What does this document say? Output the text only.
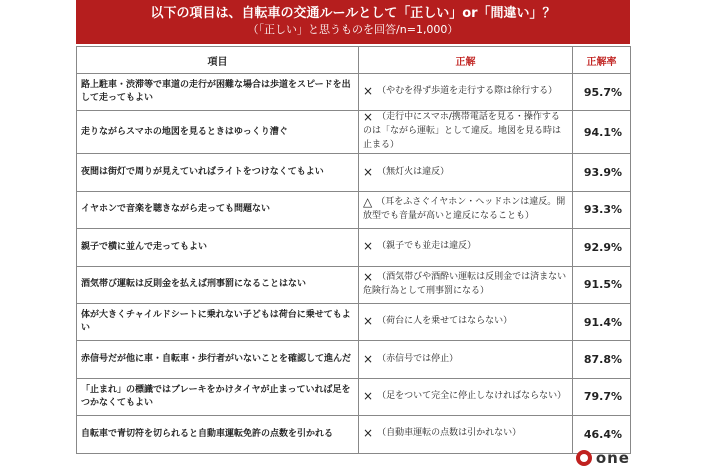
以下の項目は、自転車の交通ルールとして「正しい」or「間違い」？
（「正しい」と思うものを回答/n=1,000）
項目	正解	正解率
路上駐車・渋滞等で車道の走行が困難な場合は歩道をスピードを出して走ってもよい	× （やむを得ず歩道を走行する際は徐行する）	95.7%
走りながらスマホの地図を見るときはゆっくり漕ぐ	× （走行中にスマホ/携帯電話を見る・操作するのは「ながら運転」として違反。地図を見る時は止まる）	94.1%
夜間は街灯で周りが見えていればライトをつけなくてもよい	× （無灯火は違反）	93.9%
イヤホンで音楽を聴きながら走っても問題ない	△ （耳をふさぐイヤホン・ヘッドホンは違反。開放型でも音量が高いと違反になることも）	93.3%
親子で横に並んで走ってもよい	× （親子でも並走は違反）	92.9%
酒気帯び運転は反則金を払えば刑事罰になることはない	× （酒気帯びや酒酔い運転は反則金では済まない危険行為として刑事罰になる）	91.5%
体が大きくチャイルドシートに乗れない子どもは荷台に乗せてもよい	× （荷台に人を乗せてはならない）	91.4%
赤信号だが他に車・自転車・歩行者がいないことを確認して進んだ	× （赤信号では停止）	87.8%
「止まれ」の標識ではブレーキをかけタイヤが止まっていれば足をつかなくてもよい	× （足をついて完全に停止しなければならない）	79.7%
自転車で青切符を切られると自動車運転免許の点数を引かれる	× （自動車運転の点数は引かれない）	46.4%
one
